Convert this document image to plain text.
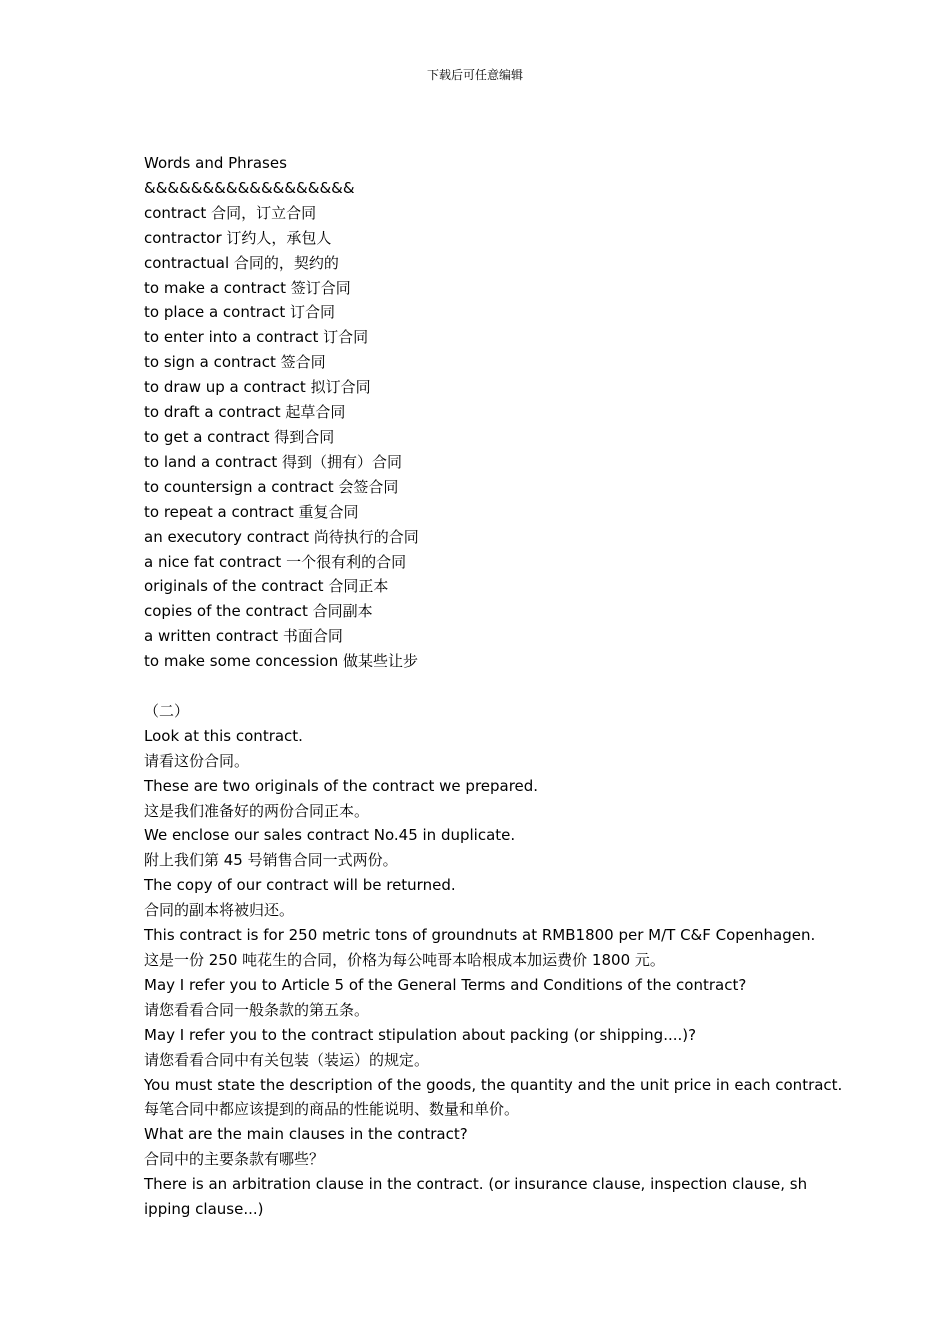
下载后可任意编辑
Words and Phrases
&&&&&&&&&&&&&&&&&&
contract 合同，订立合同
contractor 订约人，承包人
contractual 合同的，契约的
to make a contract 签订合同
to place a contract 订合同
to enter into a contract 订合同
to sign a contract 签合同
to draw up a contract 拟订合同
to draft a contract 起草合同
to get a contract 得到合同
to land a contract 得到（拥有）合同
to countersign a contract 会签合同
to repeat a contract 重复合同
an executory contract 尚待执行的合同
a nice fat contract 一个很有利的合同
originals of the contract 合同正本
copies of the contract 合同副本
a written contract 书面合同
to make some concession 做某些让步
（二）
Look at this contract.
请看这份合同。
These are two originals of the contract we prepared.
这是我们准备好的两份合同正本。
We enclose our sales contract No.45 in duplicate.
附上我们第 45 号销售合同一式两份。
The copy of our contract will be returned.
合同的副本将被归还。
This contract is for 250 metric tons of groundnuts at RMB1800 per M/T C&F Copenhagen.
这是一份 250 吨花生的合同，价格为每公吨哥本哈根成本加运费价 1800 元。
May I refer you to Article 5 of the General Terms and Conditions of the contract?
请您看看合同一般条款的第五条。
May I refer you to the contract stipulation about packing (or shipping....)?
请您看看合同中有关包装（装运）的规定。
You must state the description of the goods, the quantity and the unit price in each contract.
每笔合同中都应该提到的商品的性能说明、数量和单价。
What are the main clauses in the contract?
合同中的主要条款有哪些？
There is an arbitration clause in the contract. (or insurance clause, inspection clause, shipping clause...)
